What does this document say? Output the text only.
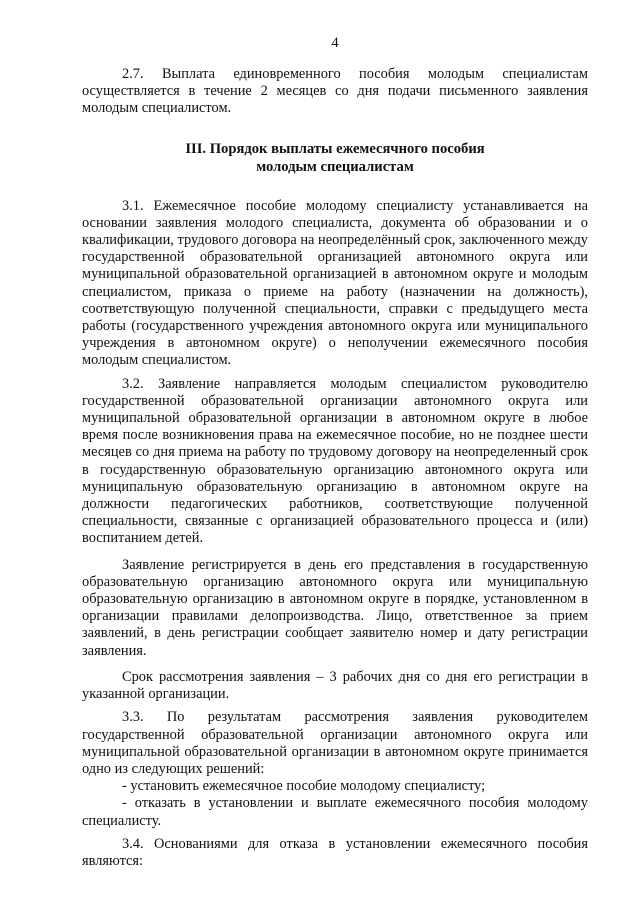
4

2.7. Выплата единовременного пособия молодым специалистам осуществляется в течение 2 месяцев со дня подачи письменного заявления молодым специалистом.

III. Порядок выплаты ежемесячного пособия
молодым специалистам

3.1. Ежемесячное пособие молодому специалисту устанавливается на основании заявления молодого специалиста, документа об образовании и о квалификации, трудового договора на неопределённый срок, заключенного между государственной образовательной организацией автономного округа или муниципальной образовательной организацией в автономном округе и молодым специалистом, приказа о приеме на работу (назначении на должность), соответствующую полученной специальности, справки с предыдущего места работы (государственного учреждения автономного округа или муниципального учреждения в автономном округе) о неполучении ежемесячного пособия молодым специалистом.

3.2. Заявление направляется молодым специалистом руководителю государственной образовательной организации автономного округа или муниципальной образовательной организации в автономном округе в любое время после возникновения права на ежемесячное пособие, но не позднее шести месяцев со дня приема на работу по трудовому договору на неопределенный срок в государственную образовательную организацию автономного округа или муниципальную образовательную организацию в автономном округе на должности педагогических работников, соответствующие полученной специальности, связанные с организацией образовательного процесса и (или) воспитанием детей.

Заявление регистрируется в день его представления в государственную образовательную организацию автономного округа или муниципальную образовательную организацию в автономном округе в порядке, установленном в организации правилами делопроизводства. Лицо, ответственное за прием заявлений, в день регистрации сообщает заявителю номер и дату регистрации заявления.

Срок рассмотрения заявления – 3 рабочих дня со дня его регистрации в указанной организации.

3.3. По результатам рассмотрения заявления руководителем государственной образовательной организации автономного округа или муниципальной образовательной организации в автономном округе принимается одно из следующих решений:

- установить ежемесячное пособие молодому специалисту;

- отказать в установлении и выплате ежемесячного пособия молодому специалисту.

3.4. Основаниями для отказа в установлении ежемесячного пособия являются:
